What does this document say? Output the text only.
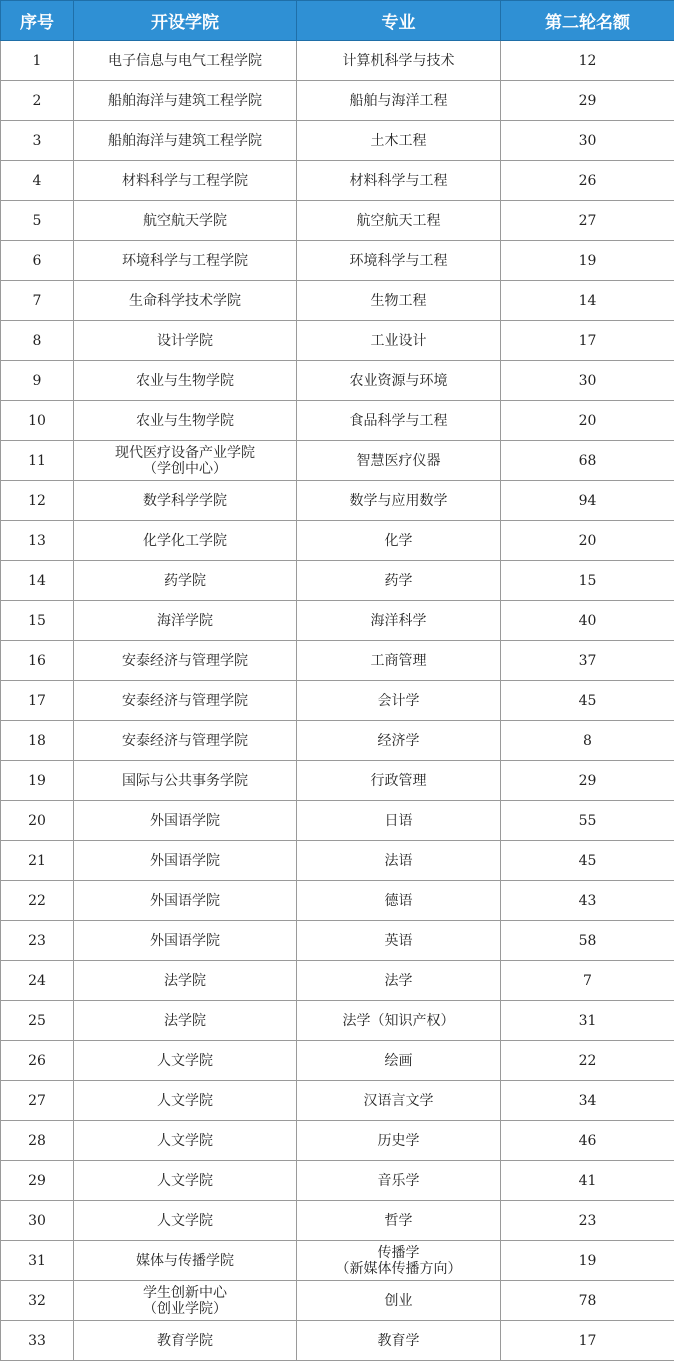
序号	开设学院	专业	第二轮名额

1	电子信息与电气工程学院	计算机科学与技术	12

2	船舶海洋与建筑工程学院	船舶与海洋工程	29

3	船舶海洋与建筑工程学院	土木工程	30

4	材料科学与工程学院	材料科学与工程	26

5	航空航天学院	航空航天工程	27

6	环境科学与工程学院	环境科学与工程	19

7	生命科学技术学院	生物工程	14

8	设计学院	工业设计	17

9	农业与生物学院	农业资源与环境	30

10	农业与生物学院	食品科学与工程	20

11	现代医疗设备产业学院
（学创中心）	智慧医疗仪器	68

12	数学科学学院	数学与应用数学	94

13	化学化工学院	化学	20

14	药学院	药学	15

15	海洋学院	海洋科学	40

16	安泰经济与管理学院	工商管理	37

17	安泰经济与管理学院	会计学	45

18	安泰经济与管理学院	经济学	8

19	国际与公共事务学院	行政管理	29

20	外国语学院	日语	55

21	外国语学院	法语	45

22	外国语学院	德语	43

23	外国语学院	英语	58

24	法学院	法学	7

25	法学院	法学（知识产权）	31

26	人文学院	绘画	22

27	人文学院	汉语言文学	34

28	人文学院	历史学	46

29	人文学院	音乐学	41

30	人文学院	哲学	23

31	媒体与传播学院	传播学
（新媒体传播方向）	19

32	学生创新中心
（创业学院）	创业	78

33	教育学院	教育学	17
